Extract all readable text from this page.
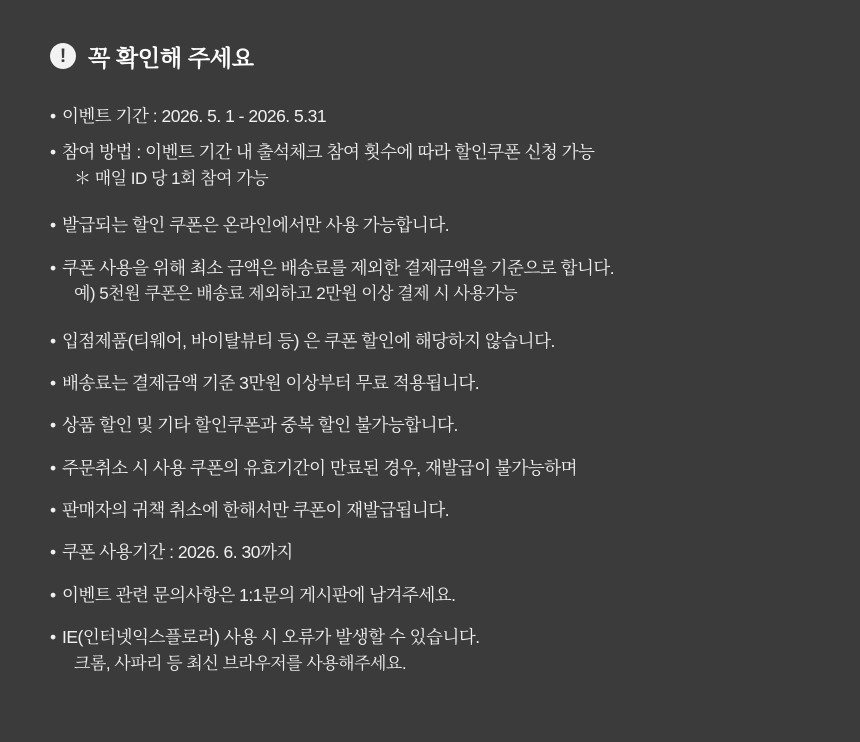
! 꼭 확인해 주세요
• 이벤트 기간 : 2026. 5. 1 - 2026. 5.31
• 참여 방법 : 이벤트 기간 내 출석체크 참여 횟수에 따라 할인쿠폰 신청 가능
＊ 매일 ID 당 1회 참여 가능
• 발급되는 할인 쿠폰은 온라인에서만 사용 가능합니다.
• 쿠폰 사용을 위해 최소 금액은 배송료를 제외한 결제금액을 기준으로 합니다.
예) 5천원 쿠폰은 배송료 제외하고 2만원 이상 결제 시 사용가능
• 입점제품(티웨어, 바이탈뷰티 등) 은 쿠폰 할인에 해당하지 않습니다.
• 배송료는 결제금액 기준 3만원 이상부터 무료 적용됩니다.
• 상품 할인 및 기타 할인쿠폰과 중복 할인 불가능합니다.
• 주문취소 시 사용 쿠폰의 유효기간이 만료된 경우, 재발급이 불가능하며
• 판매자의 귀책 취소에 한해서만 쿠폰이 재발급됩니다.
• 쿠폰 사용기간 : 2026. 6. 30까지
• 이벤트 관련 문의사항은 1:1문의 게시판에 남겨주세요.
• IE(인터넷익스플로러) 사용 시 오류가 발생할 수 있습니다.
크롬, 사파리 등 최신 브라우저를 사용해주세요.
